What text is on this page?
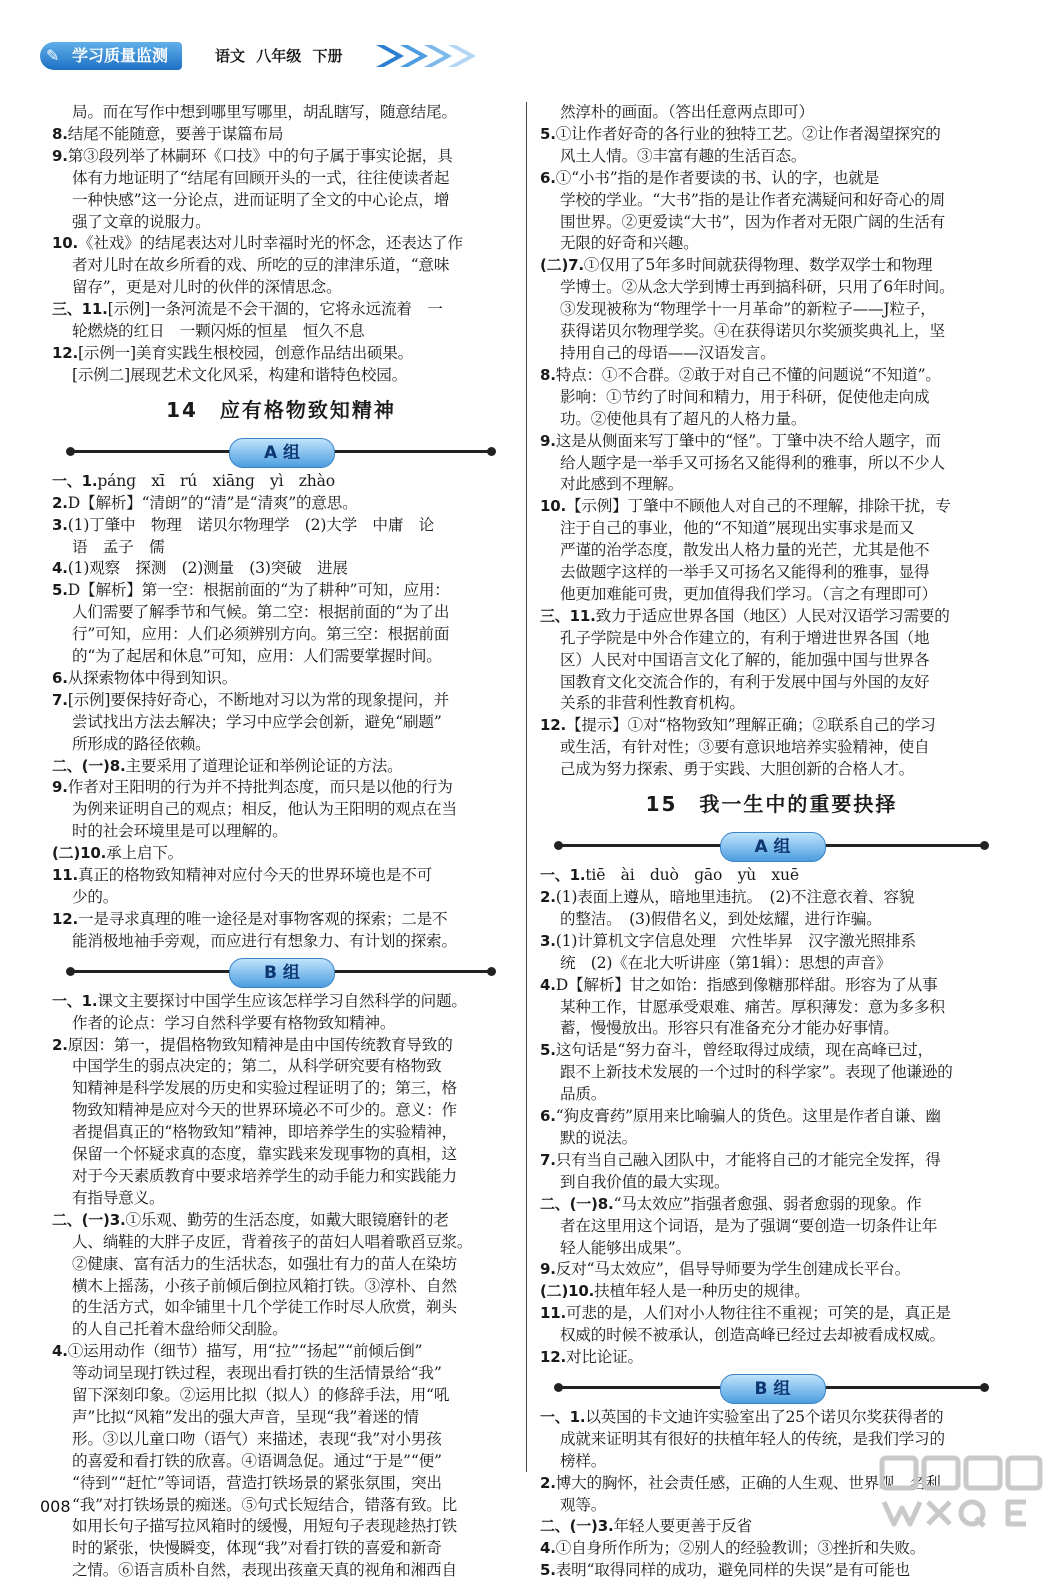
✎ 学习质量监测	语文 八年级 下册
局。而在写作中想到哪里写哪里，胡乱瞎写，随意结尾。
8.结尾不能随意，要善于谋篇布局
9.第③段列举了林嗣环《口技》中的句子属于事实论据，具
体有力地证明了“结尾有回顾开头的一式，往往使读者起
一种快感”这一分论点，进而证明了全文的中心论点，增
强了文章的说服力。
10.《社戏》的结尾表达对儿时幸福时光的怀念，还表达了作
者对儿时在故乡所看的戏、所吃的豆的津津乐道，“意味
留存”，更是对儿时的伙伴的深情思念。
三、11.[示例]一条河流是不会干涸的，它将永远流着　一
轮燃烧的红日　一颗闪烁的恒星　恒久不息
12.[示例一]美育实践生根校园，创意作品结出硕果。
[示例二]展现艺术文化风采，构建和谐特色校园。
14　应有格物致知精神
A 组
一、1.pánɡ　xī　rú　xiānɡ　yì　zhào
2.D【解析】“清朗”的“清”是“清爽”的意思。
3.(1)丁肇中　物理　诺贝尔物理学　(2)大学　中庸　论
语　孟子　儒
4.(1)观察　探测　(2)测量　(3)突破　进展
5.D【解析】第一空：根据前面的“为了耕种”可知，应用：
人们需要了解季节和气候。第二空：根据前面的“为了出
行”可知，应用：人们必须辨别方向。第三空：根据前面
的“为了起居和休息”可知，应用：人们需要掌握时间。
6.从探索物体中得到知识。
7.[示例]要保持好奇心，不断地对习以为常的现象提问，并
尝试找出方法去解决；学习中应学会创新，避免“刷题”
所形成的路径依赖。
二、(一)8.主要采用了道理论证和举例论证的方法。
9.作者对王阳明的行为并不持批判态度，而只是以他的行为
为例来证明自己的观点；相反，他认为王阳明的观点在当
时的社会环境里是可以理解的。
(二)10.承上启下。
11.真正的格物致知精神对应付今天的世界环境也是不可
少的。
12.一是寻求真理的唯一途径是对事物客观的探索；二是不
能消极地袖手旁观，而应进行有想象力、有计划的探索。
B 组
一、1.课文主要探讨中国学生应该怎样学习自然科学的问题。
作者的论点：学习自然科学要有格物致知精神。
2.原因：第一，提倡格物致知精神是由中国传统教育导致的
中国学生的弱点决定的；第二，从科学研究要有格物致
知精神是科学发展的历史和实验过程证明了的；第三，格
物致知精神是应对今天的世界环境必不可少的。意义：作
者提倡真正的“格物致知”精神，即培养学生的实验精神，
保留一个怀疑求真的态度，靠实践来发现事物的真相，这
对于今天素质教育中要求培养学生的动手能力和实践能力
有指导意义。
二、(一)3.①乐观、勤劳的生活态度，如戴大眼镜磨针的老
人、绱鞋的大胖子皮匠，背着孩子的苗妇人唱着歌舀豆浆。
②健康、富有活力的生活状态，如强壮有力的苗人在染坊
横木上摇荡，小孩子前倾后倒拉风箱打铁。③淳朴、自然
的生活方式，如伞铺里十几个学徒工作时尽人欣赏，剃头
的人自己托着木盘给师父刮脸。
4.①运用动作（细节）描写，用“拉”“扬起”“前倾后倒”
等动词呈现打铁过程，表现出看打铁的生活情景给“我”
留下深刻印象。②运用比拟（拟人）的修辞手法，用“吼
声”比拟“风箱”发出的强大声音，呈现“我”着迷的情
形。③以儿童口吻（语气）来描述，表现“我”对小男孩
的喜爱和看打铁的欣喜。④语调急促。通过“于是”“便”
“待到”“赶忙”等词语，营造打铁场景的紧张氛围，突出
“我”对打铁场景的痴迷。⑤句式长短结合，错落有致。比
如用长句子描写拉风箱时的缓慢，用短句子表现趁热打铁
时的紧张，快慢瞬变，体现“我”对看打铁的喜爱和新奇
之情。⑥语言质朴自然，表现出孩童天真的视角和湘西自
然淳朴的画面。（答出任意两点即可）
5.①让作者好奇的各行业的独特工艺。②让作者渴望探究的
风土人情。③丰富有趣的生活百态。
6.①“小书”指的是作者要读的书、认的字，也就是
学校的学业。“大书”指的是让作者充满疑问和好奇心的周
围世界。②更爱读“大书”，因为作者对无限广阔的生活有
无限的好奇和兴趣。
(二)7.①仅用了5年多时间就获得物理、数学双学士和物理
学博士。②从念大学到博士再到搞科研，只用了6年时间。
③发现被称为“物理学十一月革命”的新粒子——J粒子，
获得诺贝尔物理学奖。④在获得诺贝尔奖颁奖典礼上，坚
持用自己的母语——汉语发言。
8.特点：①不合群。②敢于对自己不懂的问题说“不知道”。
影响：①节约了时间和精力，用于科研，促使他走向成
功。②使他具有了超凡的人格力量。
9.这是从侧面来写丁肇中的“怪”。丁肇中决不给人题字，而
给人题字是一举手又可扬名又能得利的雅事，所以不少人
对此感到不理解。
10.【示例】丁肇中不顾他人对自己的不理解，排除干扰，专
注于自己的事业，他的“不知道”展现出实事求是而又
严谨的治学态度，散发出人格力量的光芒，尤其是他不
去做题字这样的一举手又可扬名又能得利的雅事，显得
他更加难能可贵，更加值得我们学习。（言之有理即可）
三、11.致力于适应世界各国（地区）人民对汉语学习需要的
孔子学院是中外合作建立的，有利于增进世界各国（地
区）人民对中国语言文化了解的，能加强中国与世界各
国教育文化交流合作的，有利于发展中国与外国的友好
关系的非营利性教育机构。
12.【提示】①对“格物致知”理解正确；②联系自己的学习
或生活，有针对性；③要有意识地培养实验精神，使自
己成为努力探索、勇于实践、大胆创新的合格人才。
15　我一生中的重要抉择
A 组
一、1.tiē　ài　duò　ɡāo　yù　xuē
2.(1)表面上遵从，暗地里违抗。　(2)不注意衣着、容貌
的整洁。　(3)假借名义，到处炫耀，进行诈骗。
3.(1)计算机文字信息处理　穴性毕昇　汉字激光照排系
统　(2)《在北大听讲座（第1辑）：思想的声音》
4.D【解析】甘之如饴：指感到像糖那样甜。形容为了从事
某种工作，甘愿承受艰难、痛苦。厚积薄发：意为多多积
蓄，慢慢放出。形容只有准备充分才能办好事情。
5.这句话是“努力奋斗，曾经取得过成绩，现在高峰已过，
跟不上新技术发展的一个过时的科学家”。表现了他谦逊的
品质。
6.“狗皮膏药”原用来比喻骗人的货色。这里是作者自谦、幽
默的说法。
7.只有当自己融入团队中，才能将自己的才能完全发挥，得
到自我价值的最大实现。
二、(一)8.“马太效应”指强者愈强、弱者愈弱的现象。作
者在这里用这个词语，是为了强调“要创造一切条件让年
轻人能够出成果”。
9.反对“马太效应”，倡导导师要为学生创建成长平台。
(二)10.扶植年轻人是一种历史的规律。
11.可悲的是，人们对小人物往往不重视；可笑的是，真正是
权威的时候不被承认，创造高峰已经过去却被看成权威。
12.对比论证。
B 组
一、1.以英国的卡文迪许实验室出了25个诺贝尔奖获得者的
成就来证明其有很好的扶植年轻人的传统，是我们学习的
榜样。
2.博大的胸怀，社会责任感，正确的人生观、世界观、名利
观等。
二、(一)3.年轻人要更善于反省
4.①自身所作所为；②别人的经验教训；③挫折和失败。
5.表明“取得同样的成功，避免同样的失误”是有可能也
008
